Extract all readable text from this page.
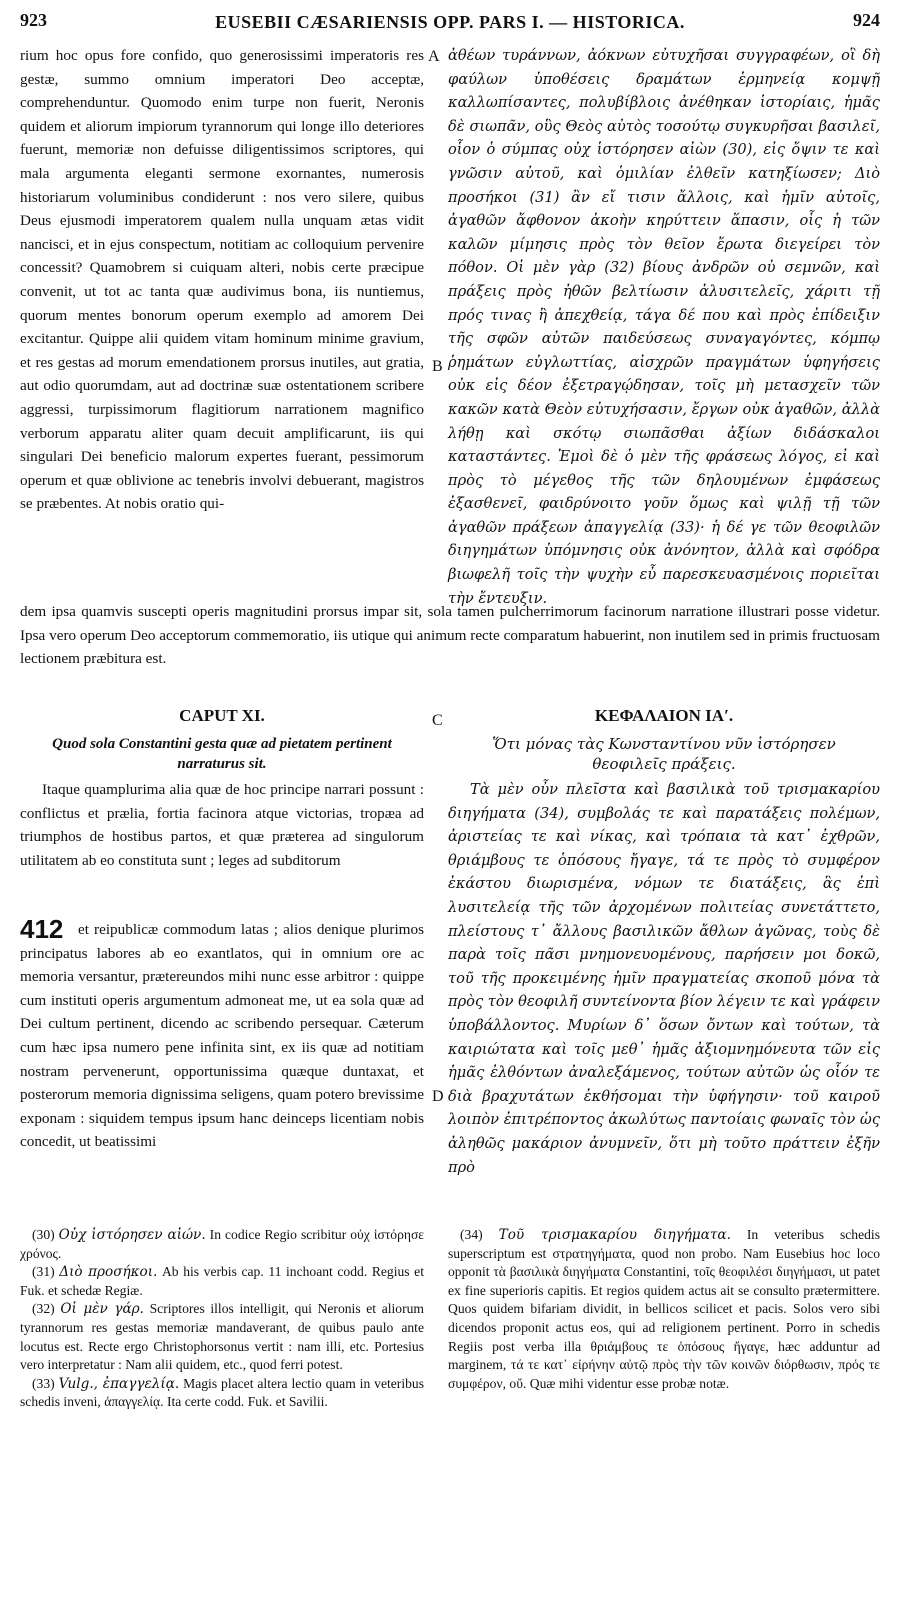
923	EUSEBII CÆSARIENSIS OPP. PARS I. — HISTORICA.	924

rium hoc opus fore confido, quo generosissimi imperatoris res gestæ, summo omnium imperatori Deo acceptæ, comprehenduntur. Quomodo enim turpe non fuerit, Neronis quidem et aliorum impiorum tyrannorum qui longe illo deteriores fuerunt, memoriæ non defuisse diligentissimos scriptores, qui mala argumenta eleganti sermone exornantes, numerosis historiarum voluminibus condiderunt : nos vero silere, quibus Deus ejusmodi imperatorem qualem nulla unquam ætas vidit nancisci, et in ejus conspectum, notitiam ac colloquium pervenire concessit? Quamobrem si cuiquam alteri, nobis certe præcipue convenit, ut tot ac tanta quæ audivimus bona, iis nuntiemus, quorum mentes bonorum operum exemplo ad amorem Dei excitantur. Quippe alii quidem vitam hominum minime gravium, et res gestas ad morum emendationem prorsus inutiles, aut gratia, aut odio quorumdam, aut ad doctrinæ suæ ostentationem scribere aggressi, turpissimorum flagitiorum narrationem magnifico verborum apparatu aliter quam decuit amplificarunt, iis qui singulari Dei beneficio malorum expertes fuerant, pessimorum operum et quæ oblivione ac tenebris involvi debuerant, magistros se præbentes. At nobis oratio qui-

A
B
C
D

ἀθέων τυράννων, ἀόκνων εὐτυχῆσαι συγγραφέων, οἳ δὴ φαύλων ὑποθέσεις δραμάτων ἑρμηνείᾳ κομψῇ καλλωπίσαντες, πολυβίβλοις ἀνέθηκαν ἱστορίαις, ἡμᾶς δὲ σιωπᾶν, οὓς Θεὸς αὐτὸς τοσούτῳ συγκυρῆσαι βασιλεῖ, οἷον ὁ σύμπας οὐχ ἱστόρησεν αἰὼν (30), εἰς ὄψιν τε καὶ γνῶσιν αὐτοῦ, καὶ ὁμιλίαν ἐλθεῖν κατηξίωσεν; Διὸ προσήκοι (31) ἂν εἴ τισιν ἄλλοις, καὶ ἡμῖν αὐτοῖς, ἀγαθῶν ἄφθονον ἀκοὴν κηρύττειν ἅπασιν, οἷς ἡ τῶν καλῶν μίμησις πρὸς τὸν θεῖον ἔρωτα διεγείρει τὸν πόθον. Οἱ μὲν γὰρ (32) βίους ἀνδρῶν οὐ σεμνῶν, καὶ πράξεις πρὸς ἠθῶν βελτίωσιν ἀλυσιτελεῖς, χάριτι τῇ πρός τινας ἢ ἀπεχθείᾳ, τάγα δέ που καὶ πρὸς ἐπίδειξιν τῆς σφῶν αὐτῶν παιδεύσεως συναγαγόντες, κόμπῳ ῥημάτων εὐγλωττίας, αἰσχρῶν πραγμάτων ὑφηγήσεις οὐκ εἰς δέον ἐξετραγῴδησαν, τοῖς μὴ μετασχεῖν τῶν κακῶν κατὰ Θεὸν εὐτυχήσασιν, ἔργων οὐκ ἀγαθῶν, ἀλλὰ λήθῃ καὶ σκότῳ σιωπᾶσθαι ἀξίων διδάσκαλοι καταστάντες. Ἐμοὶ δὲ ὁ μὲν τῆς φράσεως λόγος, εἰ καὶ πρὸς τὸ μέγεθος τῆς τῶν δηλουμένων ἐμφάσεως ἐξασθενεῖ, φαιδρύνοιτο γοῦν ὅμως καὶ ψιλῇ τῇ τῶν ἀγαθῶν πράξεων ἀπαγγελίᾳ (33)· ἡ δέ γε τῶν θεοφιλῶν διηγημάτων ὑπόμνησις οὐκ ἀνόνητον, ἀλλὰ καὶ σφόδρα βιωφελῆ τοῖς τὴν ψυχὴν εὖ παρεσκευασμένοις ποριεῖται τὴν ἔντευξιν.

dem ipsa quamvis suscepti operis magnitudini prorsus impar sit, sola tamen pulcherrimorum facinorum narratione illustrari posse videtur. Ipsa vero operum Deo acceptorum commemoratio, iis utique qui animum recte comparatum habuerint, non inutilem sed in primis fructuosam lectionem præbitura est.

CAPUT XI.
Quod sola Constantini gesta quæ ad pietatem pertinent narraturus sit.

Itaque quamplurima alia quæ de hoc principe narrari possunt : conflictus et prælia, fortia facinora atque victorias, tropæa ad triumphos de hostibus partos, et quæ præterea ad singulorum utilitatem ab eo constituta sunt ; leges ad subditorum

412 et reipublicæ commodum latas ; alios denique plurimos principatus labores ab eo exantlatos, qui in omnium ore ac memoria versantur, prætereundos mihi nunc esse arbitror : quippe cum instituti operis argumentum admoneat me, ut ea sola quæ ad Dei cultum pertinent, dicendo ac scribendo persequar. Cæterum cum hæc ipsa numero pene infinita sint, ex iis quæ ad notitiam nostram pervenerunt, opportunissima quæque duntaxat, et posterorum memoria dignissima seligens, quam potero brevissime exponam : siquidem tempus ipsum hanc deinceps licentiam nobis concedit, ut beatissimi

ΚΕΦΑΛΑΙΟΝ ΙΑʹ.
Ὅτι μόνας τὰς Κωνσταντίνου νῦν ἱστόρησεν θεοφιλεῖς πράξεις.

Τὰ μὲν οὖν πλεῖστα καὶ βασιλικὰ τοῦ τρισμακαρίου διηγήματα (34), συμβολάς τε καὶ παρατάξεις πολέμων, ἀριστείας τε καὶ νίκας, καὶ τρόπαια τὰ κατ᾽ ἐχθρῶν, θριάμβους τε ὁπόσους ἤγαγε, τά τε πρὸς τὸ συμφέρον ἑκάστου διωρισμένα, νόμων τε διατάξεις, ἃς ἐπὶ λυσιτελείᾳ τῆς τῶν ἀρχομένων πολιτείας συνετάττετο, πλείστους τ᾽ ἄλλους βασιλικῶν ἄθλων ἀγῶνας, τοὺς δὲ παρὰ τοῖς πᾶσι μνημονευομένους, παρήσειν μοι δοκῶ, τοῦ τῆς προκειμένης ἡμῖν πραγματείας σκοποῦ μόνα τὰ πρὸς τὸν θεοφιλῆ συντείνοντα βίον λέγειν τε καὶ γράφειν ὑποβάλλοντος. Μυρίων δ᾽ ὅσων ὄντων καὶ τούτων, τὰ καιριώτατα καὶ τοῖς μεθ᾽ ἡμᾶς ἀξιομνημόνευτα τῶν εἰς ἡμᾶς ἐλθόντων ἀναλεξάμενος, τούτων αὐτῶν ὡς οἷόν τε διὰ βραχυτάτων ἐκθήσομαι τὴν ὑφήγησιν· τοῦ καιροῦ λοιπὸν ἐπιτρέποντος ἀκωλύτως παντοίαις φωναῖς τὸν ὡς ἀληθῶς μακάριον ἀνυμνεῖν, ὅτι μὴ τοῦτο πράττειν ἐξῆν πρὸ

(30) Οὐχ ἱστόρησεν αἰών. In codice Regio scribitur οὐχ ἱστόρησε χρόνος.

(31) Διὸ προσήκοι. Ab his verbis cap. 11 inchoant codd. Regius et Fuk. et schedæ Regiæ.

(32) Οἱ μὲν γάρ. Scriptores illos intelligit, qui Neronis et aliorum tyrannorum res gestas memoriæ mandaverant, de quibus paulo ante locutus est. Recte ergo Christophorsonus vertit : nam illi, etc. Portesius vero interpretatur : Nam alii quidem, etc., quod ferri potest.

(33) Vulg., ἐπαγγελίᾳ. Magis placet altera lectio quam in veteribus schedis inveni, ἀπαγγελίᾳ. Ita certe codd. Fuk. et Savilii.

(34) Τοῦ τρισμακαρίου διηγήματα. In veteribus schedis superscriptum est στρατηγήματα, quod non probo. Nam Eusebius hoc loco opponit τὰ βασιλικὰ διηγήματα Constantini, τοῖς θεοφιλέσι διηγήμασι, ut patet ex fine superioris capitis. Et regios quidem actus ait se consulto prætermittere. Quos quidem bifariam dividit, in bellicos scilicet et pacis. Solos vero sibi dicendos proponit actus eos, qui ad religionem pertinent. Porro in schedis Regiis post verba illa θριάμβους τε ὁπόσους ἤγαγε, hæc adduntur ad marginem, τά τε κατ᾽ εἰρήνην αὐτῷ πρὸς τὴν τῶν κοινῶν διόρθωσιν, πρός τε συμφέρον, οὔ. Quæ mihi videntur esse probæ notæ.
